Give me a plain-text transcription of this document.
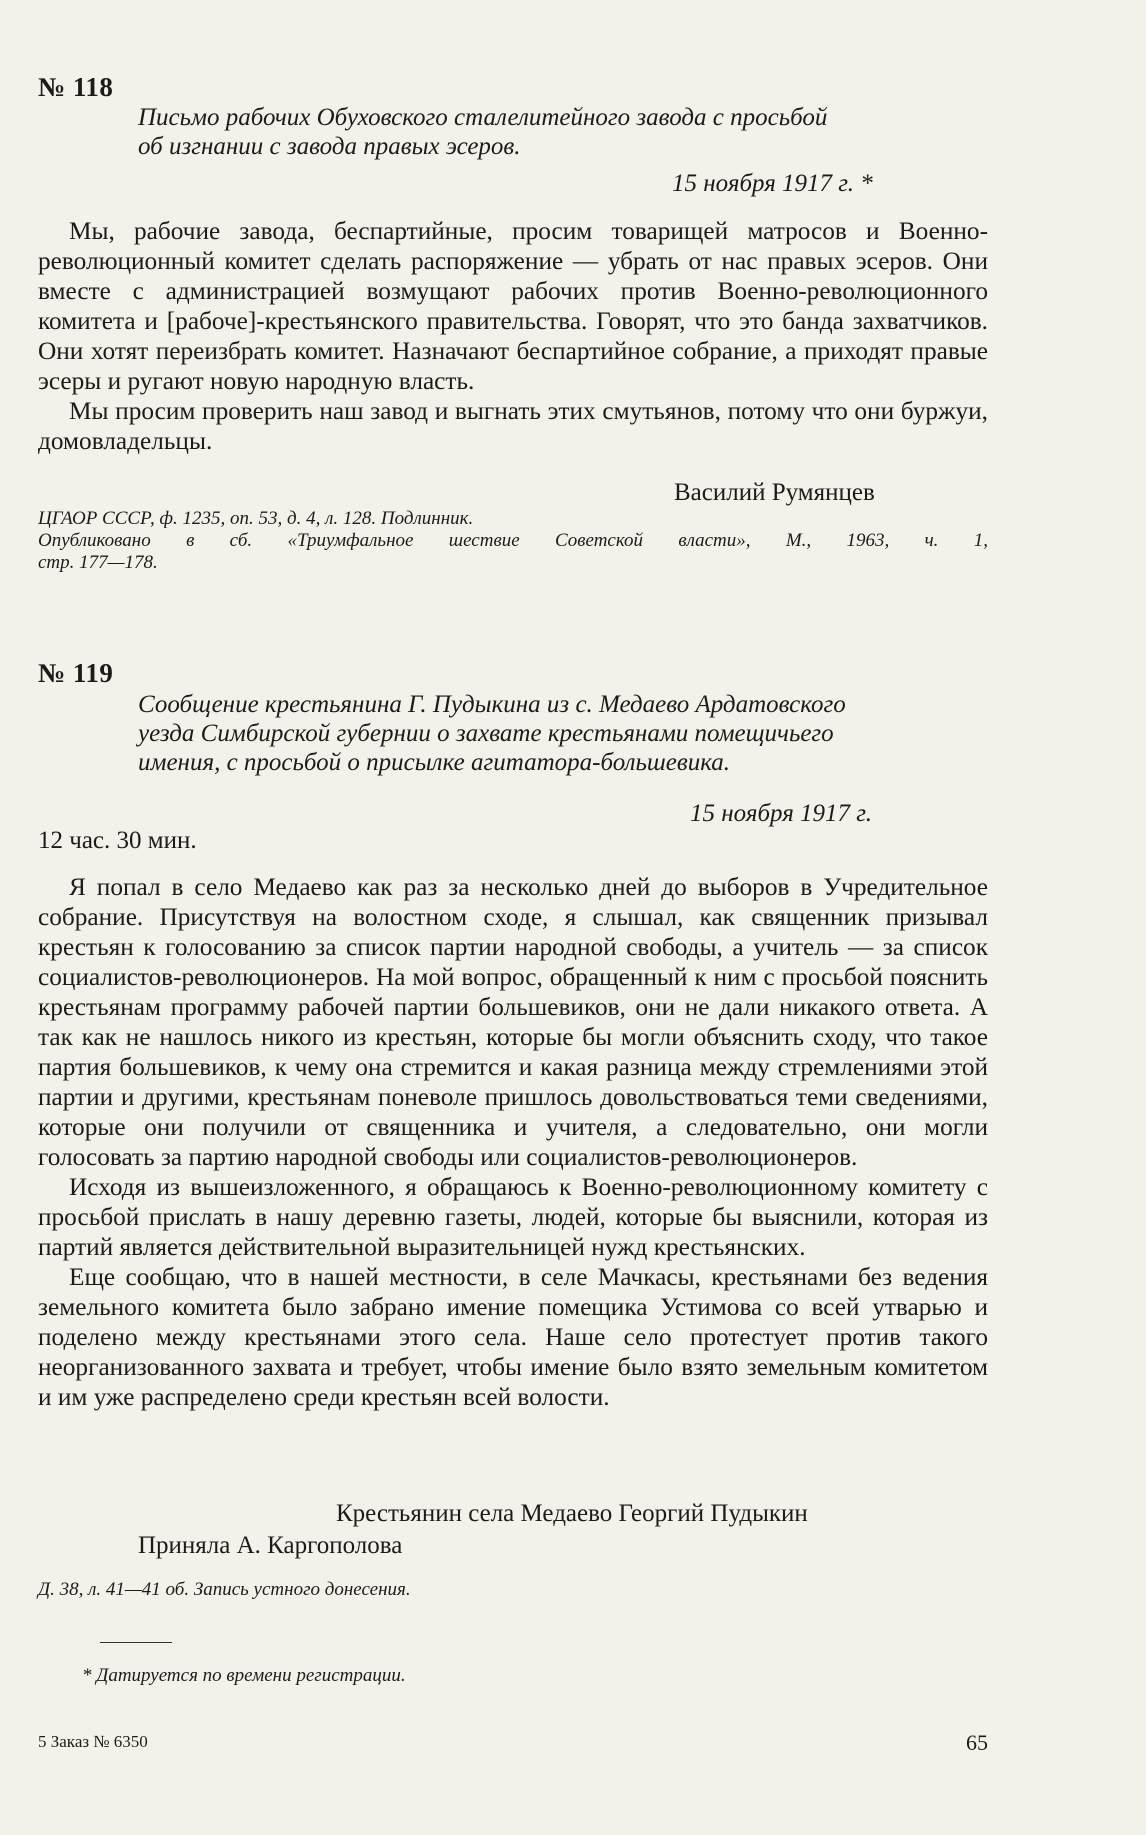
№ 118
Письмо рабочих Обуховского сталелитейного завода с просьбой
об изгнании с завода правых эсеров.
15 ноября 1917 г. *

Мы, рабочие завода, беспартийные, просим товарищей матросов и Военно-революционный комитет сделать распоряжение — убрать от нас правых эсеров. Они вместе с администрацией возмущают рабочих против Военно-революционного комитета и [рабоче]-крестьянского правительства. Говорят, что это банда захватчиков. Они хотят переизбрать комитет. Назначают беспартийное собрание, а приходят правые эсеры и ругают новую народную власть.

Мы просим проверить наш завод и выгнать этих смутьянов, потому что они буржуи, домовладельцы.

Василий Румянцев
ЦГАОР СССР, ф. 1235, оп. 53, д. 4, л. 128. Подлинник.
Опубликовано в сб. «Триумфальное шествие Советской власти», М., 1963, ч. 1,
стр. 177—178.
№ 119
Сообщение крестьянина Г. Пудыкина из с. Медаево Ардатовского
уезда Симбирской губернии о захвате крестьянами помещичьего
имения, с просьбой о присылке агитатора-большевика.
15 ноября 1917 г.
12 час. 30 мин.

Я попал в село Медаево как раз за несколько дней до выборов в Учредительное собрание. Присутствуя на волостном сходе, я слышал, как священник призывал крестьян к голосованию за список партии народной свободы, а учитель — за список социалистов-революционеров. На мой вопрос, обращенный к ним с просьбой пояснить крестьянам программу рабочей партии большевиков, они не дали никакого ответа. А так как не нашлось никого из крестьян, которые бы могли объяснить сходу, что такое партия большевиков, к чему она стремится и какая разница между стремлениями этой партии и другими, крестьянам поневоле пришлось довольствоваться теми сведениями, которые они получили от священника и учителя, а следовательно, они могли голосовать за партию народной свободы или социалистов-революционеров.

Исходя из вышеизложенного, я обращаюсь к Военно-революционному комитету с просьбой прислать в нашу деревню газеты, людей, которые бы выяснили, которая из партий является действительной выразительницей нужд крестьянских.

Еще сообщаю, что в нашей местности, в селе Мачкасы, крестьянами без ведения земельного комитета было забрано имение помещика Устимова со всей утварью и поделено между крестьянами этого села. Наше село протестует против такого неорганизованного захвата и требует, чтобы имение было взято земельным комитетом и им уже распределено среди крестьян всей волости.

Крестьянин села Медаево Георгий Пудыкин
Приняла А. Каргополова
Д. 38, л. 41—41 об. Запись устного донесения.
* Датируется по времени регистрации.
5 Заказ № 6350	65
